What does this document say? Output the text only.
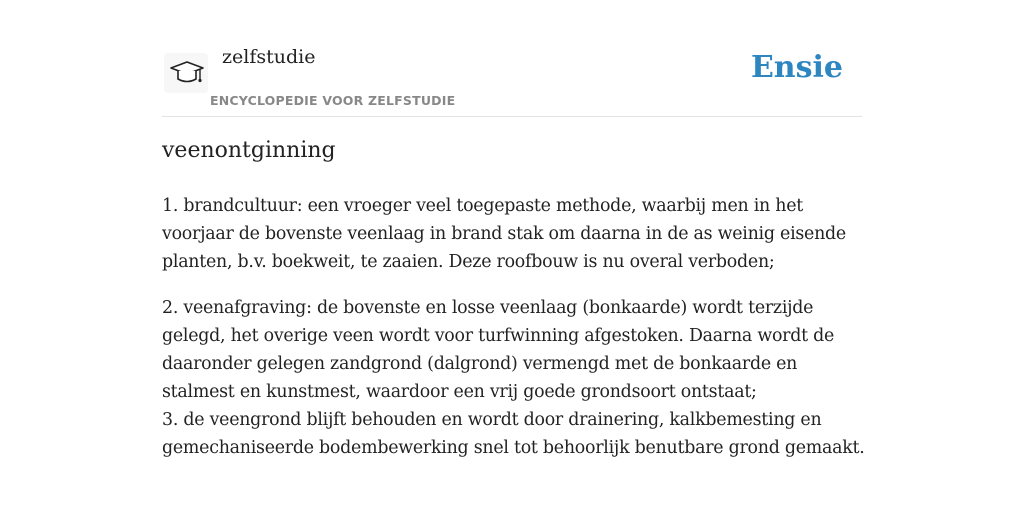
zelfstudie

ENCYCLOPEDIE VOOR ZELFSTUDIE

Ensie
veenontginning

1. brandcultuur: een vroeger veel toegepaste methode, waarbij men in het
voorjaar de bovenste veenlaag in brand stak om daarna in de as weinig eisende
planten, b.v. boekweit, te zaaien. Deze roofbouw is nu overal verboden;

2. veenafgraving: de bovenste en losse veenlaag (bonkaarde) wordt terzijde
gelegd, het overige veen wordt voor turfwinning afgestoken. Daarna wordt de
daaronder gelegen zandgrond (dalgrond) vermengd met de bonkaarde en
stalmest en kunstmest, waardoor een vrij goede grondsoort ontstaat;
3. de veengrond blijft behouden en wordt door drainering, kalkbemesting en
gemechaniseerde bodembewerking snel tot behoorlijk benutbare grond gemaakt.
